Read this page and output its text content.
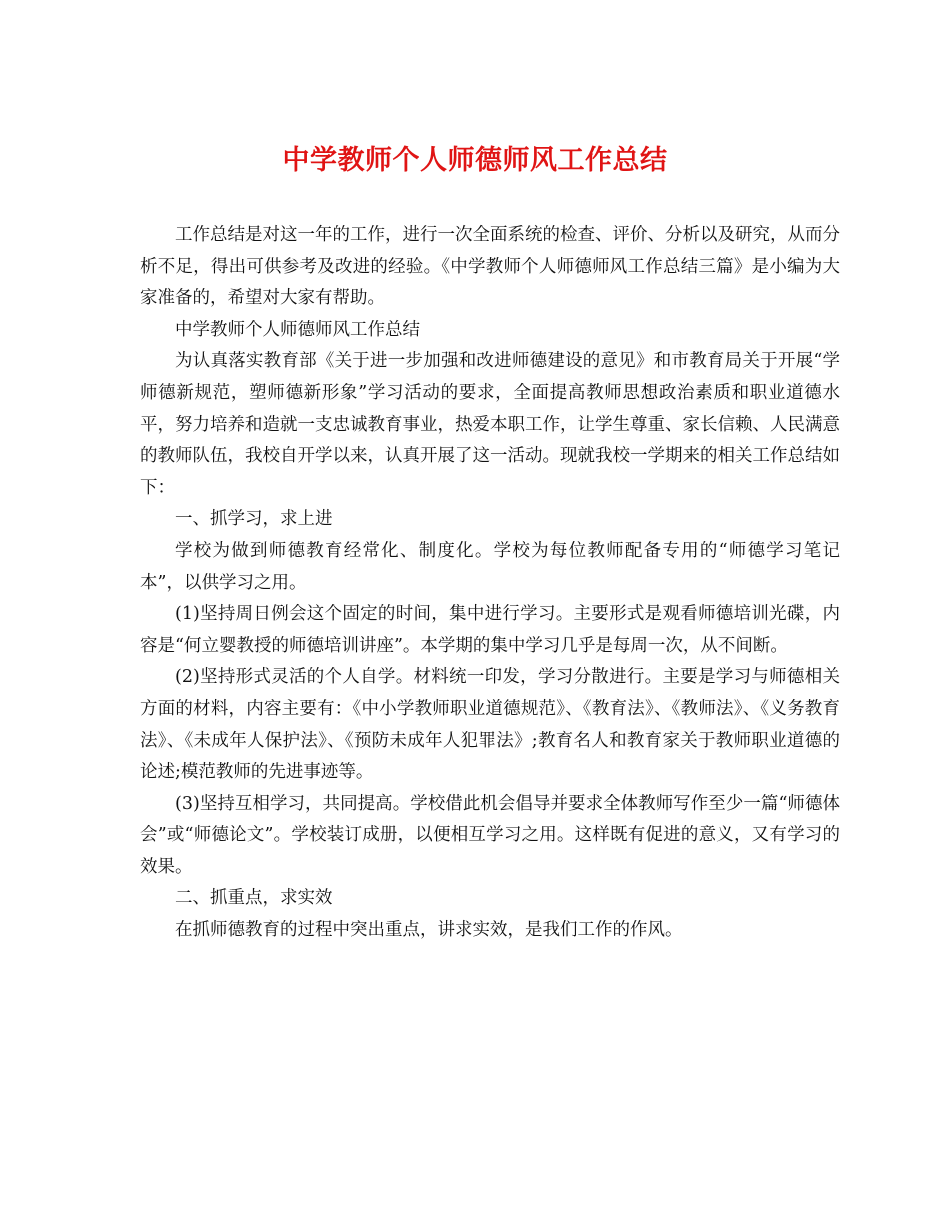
中学教师个人师德师风工作总结

工作总结是对这一年的工作，进行一次全面系统的检查、评价、分析以及研究，从而分析不足，得出可供参考及改进的经验。《中学教师个人师德师风工作总结三篇》是小编为大家准备的，希望对大家有帮助。

中学教师个人师德师风工作总结

为认真落实教育部《关于进一步加强和改进师德建设的意见》和市教育局关于开展“学师德新规范，塑师德新形象”学习活动的要求，全面提高教师思想政治素质和职业道德水平，努力培养和造就一支忠诚教育事业，热爱本职工作，让学生尊重、家长信赖、人民满意的教师队伍，我校自开学以来，认真开展了这一活动。现就我校一学期来的相关工作总结如下：

一、抓学习，求上进

学校为做到师德教育经常化、制度化。学校为每位教师配备专用的“师德学习笔记本”，以供学习之用。

(1)坚持周日例会这个固定的时间，集中进行学习。主要形式是观看师德培训光碟，内容是“何立婴教授的师德培训讲座”。本学期的集中学习几乎是每周一次，从不间断。

(2)坚持形式灵活的个人自学。材料统一印发，学习分散进行。主要是学习与师德相关方面的材料，内容主要有：《中小学教师职业道德规范》、《教育法》、《教师法》、《义务教育法》、《未成年人保护法》、《预防未成年人犯罪法》;教育名人和教育家关于教师职业道德的论述;模范教师的先进事迹等。

(3)坚持互相学习，共同提高。学校借此机会倡导并要求全体教师写作至少一篇“师德体会”或“师德论文”。学校装订成册，以便相互学习之用。这样既有促进的意义，又有学习的效果。

二、抓重点，求实效

在抓师德教育的过程中突出重点，讲求实效，是我们工作的作风。
